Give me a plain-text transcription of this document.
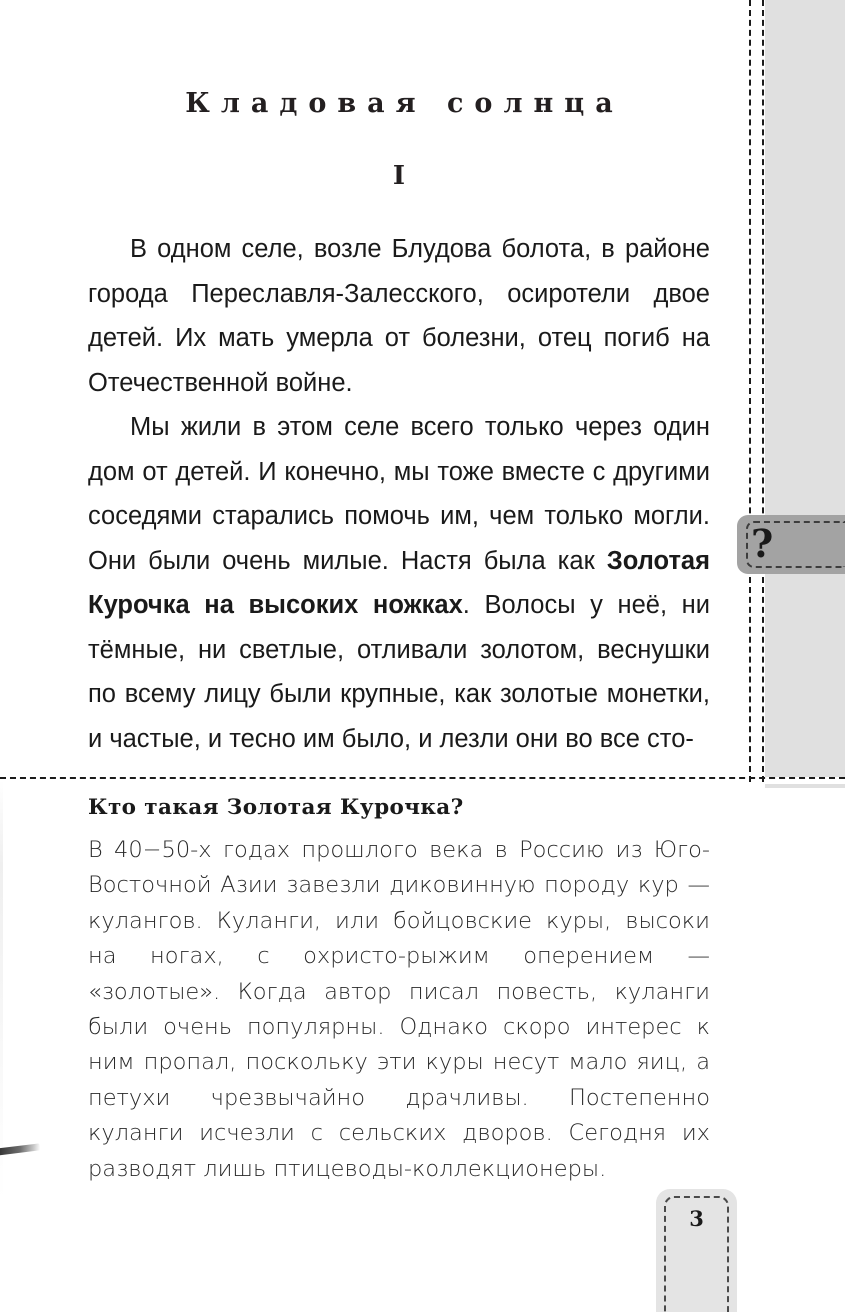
Кладовая солнца
I

В одном селе, возле Блудова болота, в районе города Переславля-Залесского, осиротели двое детей. Их мать умерла от болезни, отец погиб на Отечественной войне.

Мы жили в этом селе всего только через один дом от детей. И конечно, мы тоже вместе с другими соседями старались помочь им, чем только могли. Они были очень милые. Настя была как Золотая Курочка на высоких ножках. Волосы у неё, ни тёмные, ни светлые, отливали золотом, веснушки по всему лицу были крупные, как золотые монетки, и частые, и тесно им было, и лезли они во все сто-

?
Кто такая Золотая Курочка?

В 40−50-х годах прошлого века в Россию из Юго-Восточной Азии завезли диковинную породу кур — кулангов. Куланги, или бойцовские куры, высоки на ногах, с охристо-рыжим оперением — «золотые». Когда автор писал повесть, куланги были очень популярны. Однако скоро интерес к ним пропал, поскольку эти куры несут мало яиц, а петухи чрезвычайно драчливы. Постепенно куланги исчезли с сельских дворов. Сегодня их разводят лишь птицеводы-коллекционеры.

3
